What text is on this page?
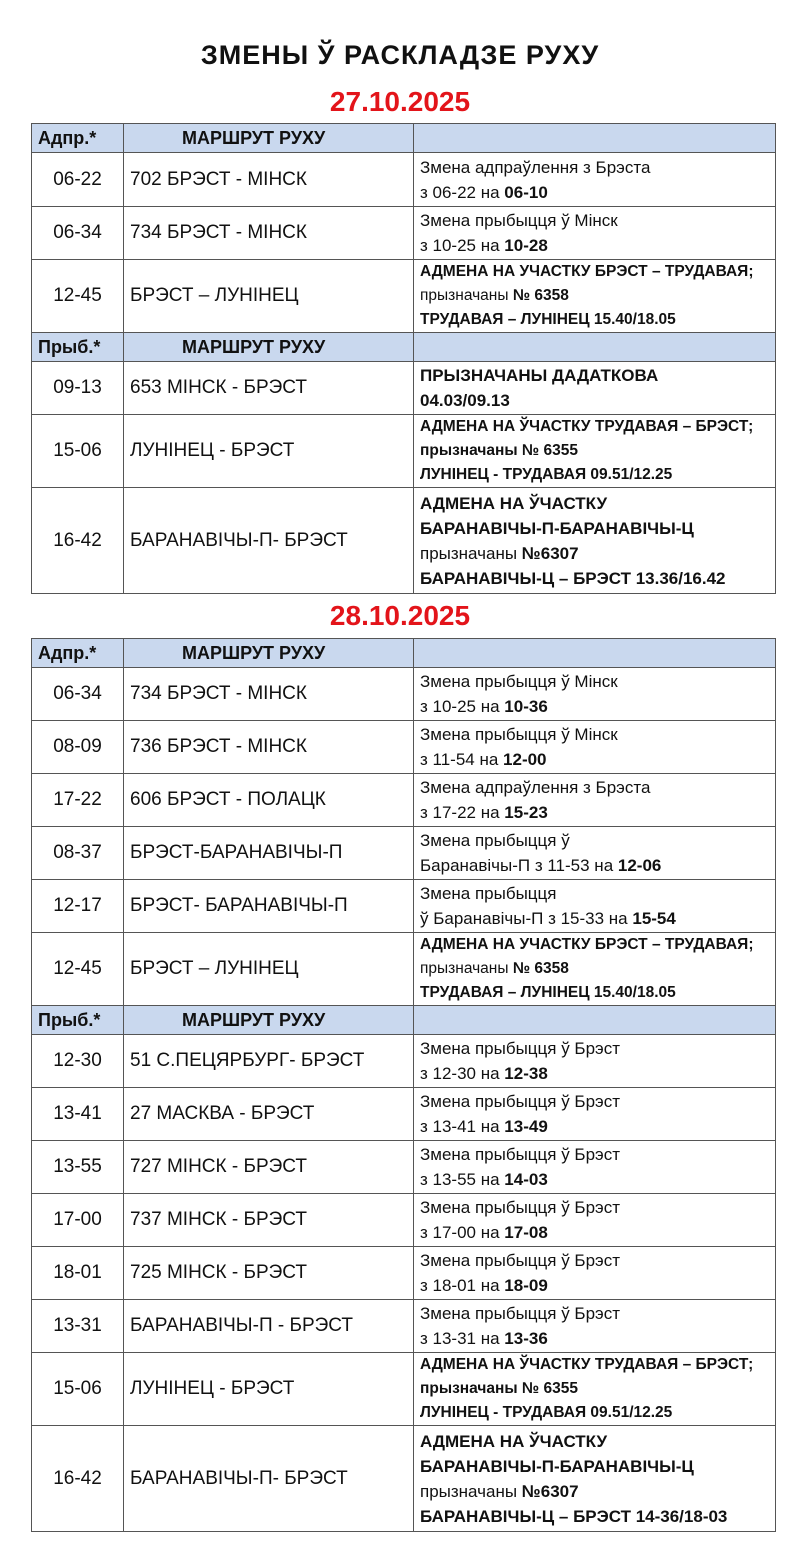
ЗМЕНЫ Ў РАСКЛАДЗЕ РУХУ
27.10.2025
Адпр.*	МАРШРУТ РУХУ	
06-22	702 БРЭСТ - МІНСК	Змена адпраўлення з Брэста
з 06-22 на 06-10

06-34	734 БРЭСТ - МІНСК	Змена прыбыцця ў Мінск
з 10-25 на 10-28

12-45	БРЭСТ – ЛУНІНЕЦ	АДМЕНА НА УЧАСТКУ БРЭСТ – ТРУДАВАЯ;
прызначаны № 6358
ТРУДАВАЯ – ЛУНІНЕЦ 15.40/18.05

Прыб.*	МАРШРУТ РУХУ	
09-13	653 МІНСК - БРЭСТ	ПРЫЗНАЧАНЫ ДАДАТКОВА
04.03/09.13

15-06	ЛУНІНЕЦ - БРЭСТ	АДМЕНА НА ЎЧАСТКУ ТРУДАВАЯ – БРЭСТ;
прызначаны № 6355
ЛУНІНЕЦ - ТРУДАВАЯ 09.51/12.25

16-42	БАРАНАВІЧЫ-П- БРЭСТ	АДМЕНА НА ЎЧАСТКУ
БАРАНАВІЧЫ-П-БАРАНАВІЧЫ-Ц
прызначаны №6307
БАРАНАВІЧЫ-Ц – БРЭСТ 13.36/16.42
28.10.2025
Адпр.*	МАРШРУТ РУХУ	
06-34	734 БРЭСТ - МІНСК	Змена прыбыцця ў Мінск
з 10-25 на 10-36

08-09	736 БРЭСТ - МІНСК	Змена прыбыцця ў Мінск
з 11-54 на 12-00

17-22	606 БРЭСТ - ПОЛАЦК	Змена адпраўлення з Брэста
з 17-22 на 15-23

08-37	БРЭСТ-БАРАНАВІЧЫ-П	Змена прыбыцця ў
Баранавічы-П з 11-53 на 12-06

12-17	БРЭСТ- БАРАНАВІЧЫ-П	Змена прыбыцця
ў Баранавічы-П з 15-33 на 15-54

12-45	БРЭСТ – ЛУНІНЕЦ	АДМЕНА НА УЧАСТКУ БРЭСТ – ТРУДАВАЯ;
прызначаны № 6358
ТРУДАВАЯ – ЛУНІНЕЦ 15.40/18.05

Прыб.*	МАРШРУТ РУХУ	
12-30	51 С.ПЕЦЯРБУРГ- БРЭСТ	Змена прыбыцця ў Брэст
з 12-30 на 12-38

13-41	27 МАСКВА - БРЭСТ	Змена прыбыцця ў Брэст
з 13-41 на 13-49

13-55	727 МІНСК - БРЭСТ	Змена прыбыцця ў Брэст
з 13-55 на 14-03

17-00	737 МІНСК - БРЭСТ	Змена прыбыцця ў Брэст
з 17-00 на 17-08

18-01	725 МІНСК - БРЭСТ	Змена прыбыцця ў Брэст
з 18-01 на 18-09

13-31	БАРАНАВІЧЫ-П - БРЭСТ	Змена прыбыцця ў Брэст
з 13-31 на 13-36

15-06	ЛУНІНЕЦ - БРЭСТ	АДМЕНА НА ЎЧАСТКУ ТРУДАВАЯ – БРЭСТ;
прызначаны № 6355
ЛУНІНЕЦ - ТРУДАВАЯ 09.51/12.25

16-42	БАРАНАВІЧЫ-П- БРЭСТ	АДМЕНА НА ЎЧАСТКУ
БАРАНАВІЧЫ-П-БАРАНАВІЧЫ-Ц
прызначаны №6307
БАРАНАВІЧЫ-Ц – БРЭСТ 14-36/18-03
